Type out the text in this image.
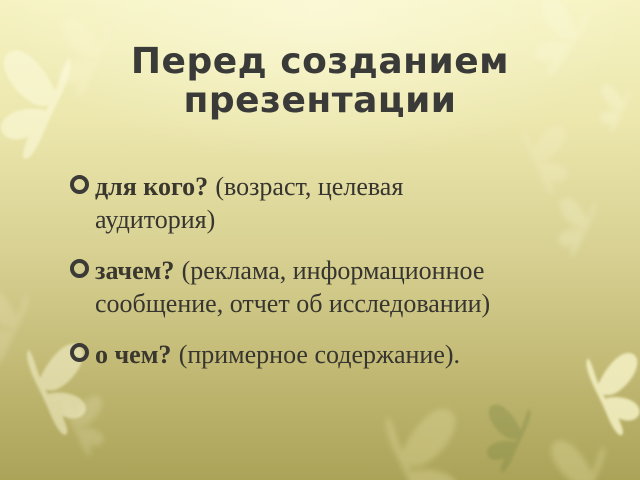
Перед созданием презентации
для кого? (возраст, целевая аудитория)
зачем? (реклама, информационное сообщение, отчет об исследовании)
о чем? (примерное содержание).
